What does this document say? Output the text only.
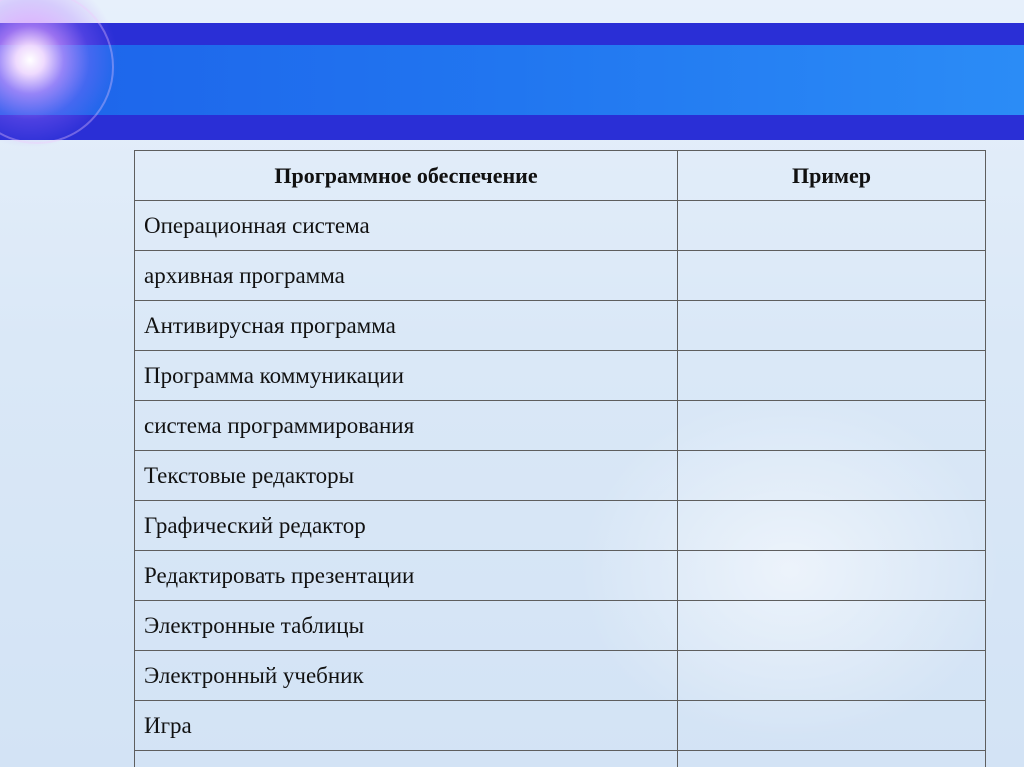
Программное обеспечение	Пример
Операционная система	
архивная программа	
Антивирусная программа	
Программа коммуникации	
система программирования	
Текстовые редакторы	
Графический редактор	
Редактировать презентации	
Электронные таблицы	
Электронный учебник	
Игра	
